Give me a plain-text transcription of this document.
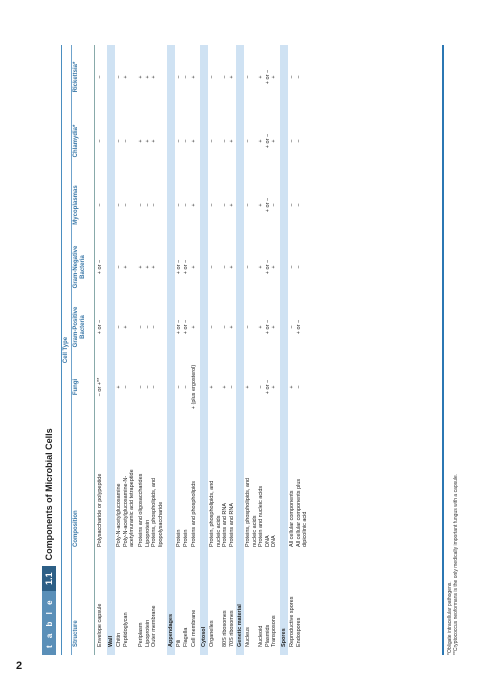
2
t a b l e
1.1
Components of Microbial Cells
Cell Type
Structure
Composition
Fungi
Gram-Positive Bacteria
Gram-Negative Bacteria
Mycoplasmas
Chlamydia*
Rickettsia*
Envelope capsule
Polysaccharide or polypeptide
− or +**
+ or −
+ or −
−
−
−
Wall Chitin
Peptidoglycan
Poly-N-acetylglucosamine
Poly-N-acetylglucosamine-N-
acetylmuramic acid tetrapeptide
+
−
−
+
−
+
−
−
−
−
−
+
Periplasm
Lipoprotein
Outer membrane
Proteins and oligosaccharides
Lipoprotein
Proteins, phospholipids, and
lipopolysaccharide
−
−
−
−
−
−
+
+
+
−
−
−
+
+
+
+
+
+
Appendages Pili
Flagella
Protein
Protein
−
−
+ or −
+ or −
+ or −
+ or −
−
−
−
−
−
−
Cell membrane
Proteins and phospholipids
+ (plus ergosterol)
+
+
+
+
+
Cytosol Organelles 80S ribosomes
70S ribosomes
Protein, phospholipids, and
nucleic acids
Proteins and RNA
Proteins and RNA
+ +
−
− −
+
− −
+
− −
+
− −
+
− −
+
Genetic material Nucleus Nucleoid
Plasmids
Transposons
Proteins, phospholipids, and
nucleic acids
Protein and nucleic acids
DNA
DNA
+ −
+ or −
+
− +
+ or −
+
− +
+ or −
+
− +
+ or −
−
− +
+ or −
+
− +
+ or −
+
Spores Reproductive spores
Endospores
All cellular components
All cellular components plus
dipicolinic acid
+
−
−
+ or −
−
−
−
−
−
−
−
−
*Obligate intracellular pathogens. **Cryptococcus neoformans is the only medically important fungus with a capsule.
